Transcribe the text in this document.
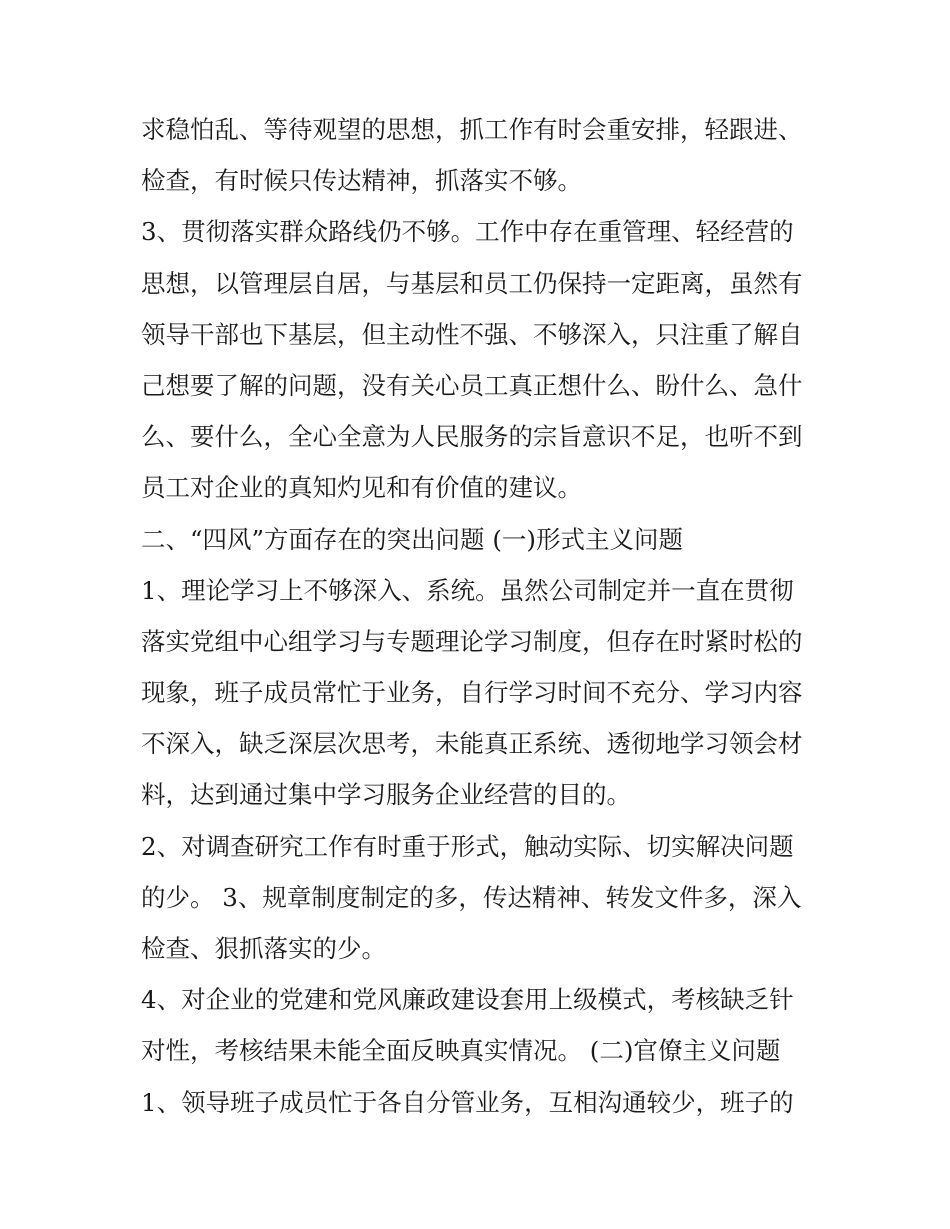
求稳怕乱、等待观望的思想，抓工作有时会重安排，轻跟进、
检查，有时候只传达精神，抓落实不够。
3、贯彻落实群众路线仍不够。工作中存在重管理、轻经营的
思想，以管理层自居，与基层和员工仍保持一定距离，虽然有
领导干部也下基层，但主动性不强、不够深入，只注重了解自
己想要了解的问题，没有关心员工真正想什么、盼什么、急什
么、要什么，全心全意为人民服务的宗旨意识不足，也听不到
员工对企业的真知灼见和有价值的建议。
二、“四风”方面存在的突出问题 (一)形式主义问题
1、理论学习上不够深入、系统。虽然公司制定并一直在贯彻
落实党组中心组学习与专题理论学习制度，但存在时紧时松的
现象，班子成员常忙于业务，自行学习时间不充分、学习内容
不深入，缺乏深层次思考，未能真正系统、透彻地学习领会材
料，达到通过集中学习服务企业经营的目的。
2、对调查研究工作有时重于形式，触动实际、切实解决问题
的少。 3、规章制度制定的多，传达精神、转发文件多，深入
检查、狠抓落实的少。
4、对企业的党建和党风廉政建设套用上级模式，考核缺乏针
对性，考核结果未能全面反映真实情况。 (二)官僚主义问题
1、领导班子成员忙于各自分管业务，互相沟通较少，班子的
